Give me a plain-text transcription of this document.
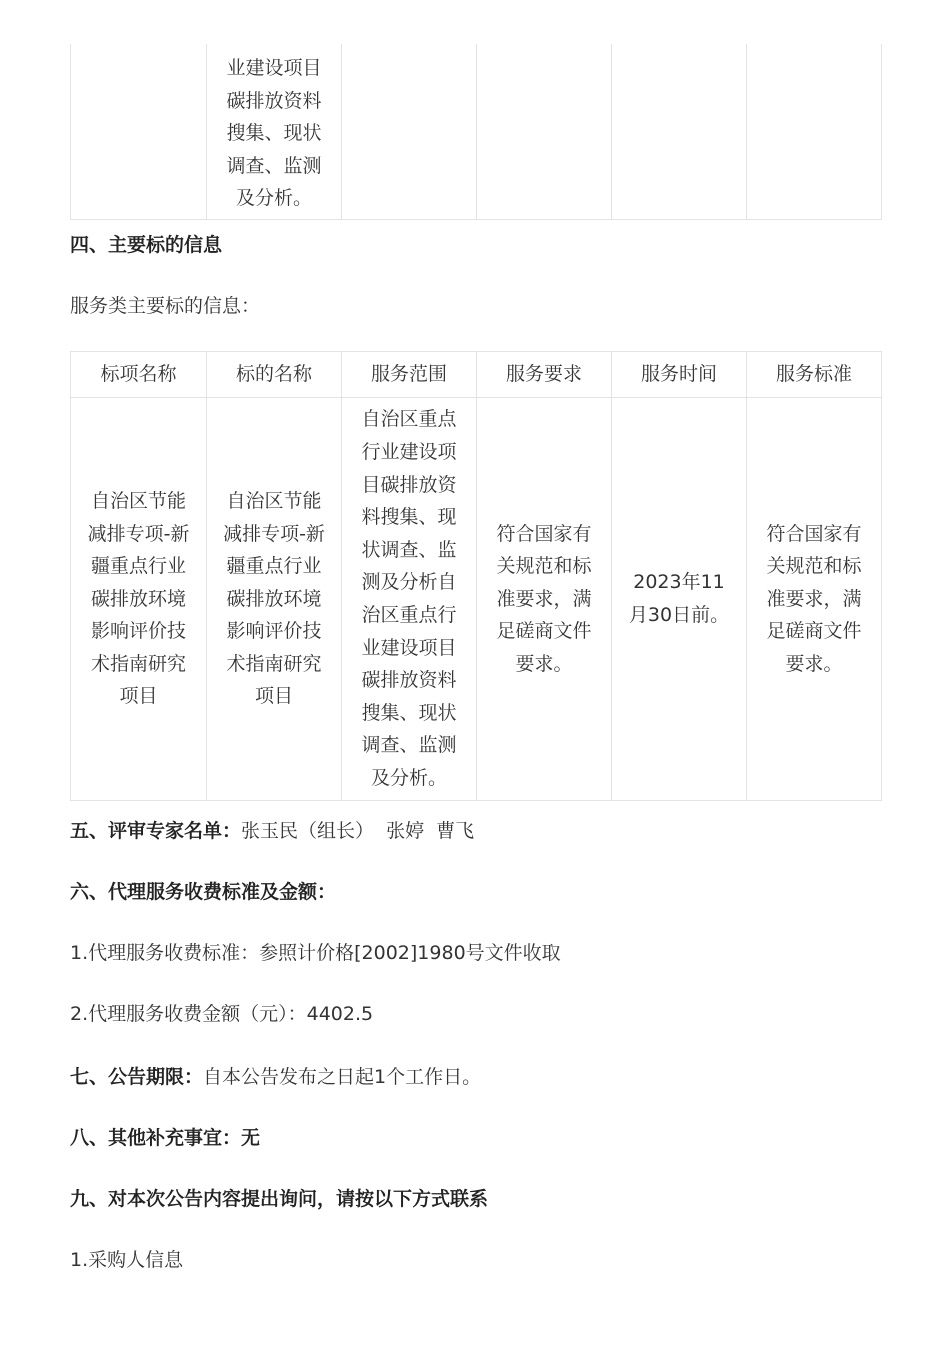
	业建设项目碳排放资料搜集、现状调查、监测及分析。				
四、主要标的信息
服务类主要标的信息：
标项名称	标的名称	服务范围	服务要求	服务时间	服务标准
自治区节能减排专项-新疆重点行业碳排放环境影响评价技术指南研究项目	自治区节能减排专项-新疆重点行业碳排放环境影响评价技术指南研究项目	自治区重点行业建设项目碳排放资料搜集、现状调查、监测及分析自治区重点行业建设项目碳排放资料搜集、现状调查、监测及分析。	符合国家有关规范和标准要求，满足磋商文件要求。	2023年11月30日前。	符合国家有关规范和标准要求，满足磋商文件要求。
五、评审专家名单：张玉民（组长）  张婷  曹飞
六、代理服务收费标准及金额：
1.代理服务收费标准：参照计价格[2002]1980号文件收取
2.代理服务收费金额（元）：4402.5
七、公告期限：自本公告发布之日起1个工作日。
八、其他补充事宜：无
九、对本次公告内容提出询问，请按以下方式联系
1.采购人信息
